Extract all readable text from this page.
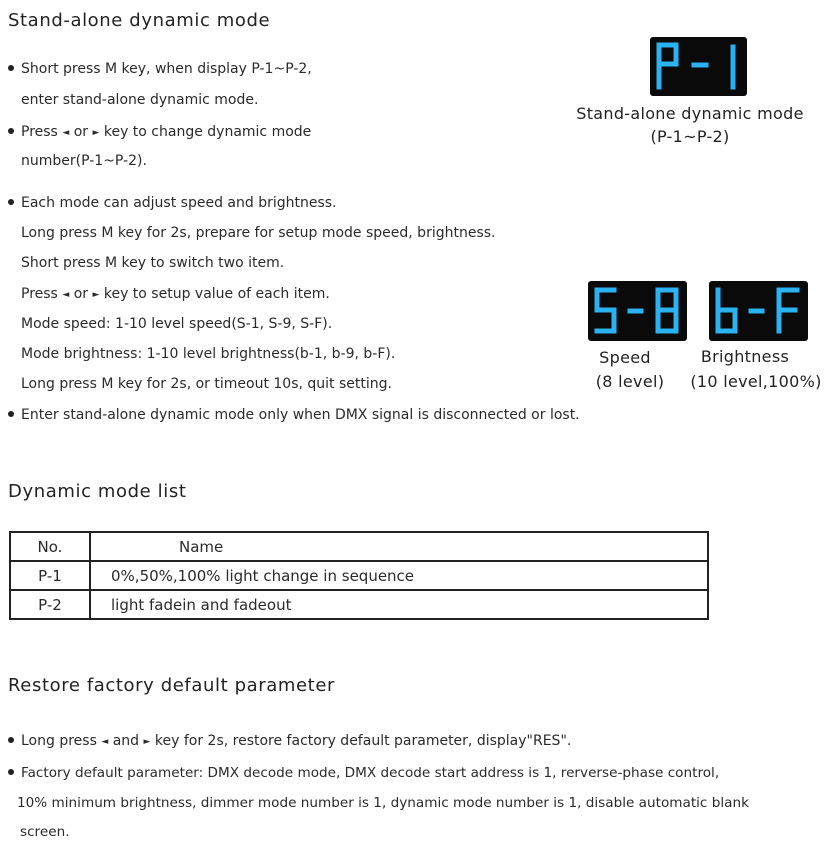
Stand-alone dynamic mode
Short press M key, when display P-1~P-2,
enter stand-alone dynamic mode.
Press ◄ or ► key to change dynamic mode
number(P-1~P-2).
Each mode can adjust speed and brightness.
Long press M key for 2s, prepare for setup mode speed, brightness.
Short press M key to switch two item.
Press ◄ or ► key to setup value of each item.
Mode speed: 1-10 level speed(S-1, S-9, S-F).
Mode brightness: 1-10 level brightness(b-1, b-9, b-F).
Long press M key for 2s, or timeout 10s, quit setting.
Enter stand-alone dynamic mode only when DMX signal is disconnected or lost.
Stand-alone dynamic mode
(P-1~P-2)
Speed
(8 level)
Brightness
(10 level,100%)
Dynamic mode list
No.	Name
P-1	0%,50%,100% light change in sequence
P-2	light fadein and fadeout
Restore factory default parameter
Long press ◄ and ► key for 2s, restore factory default parameter, display"RES".
Factory default parameter: DMX decode mode, DMX decode start address is 1, rerverse-phase control,
10% minimum brightness, dimmer mode number is 1, dynamic mode number is 1, disable automatic blank
screen.
